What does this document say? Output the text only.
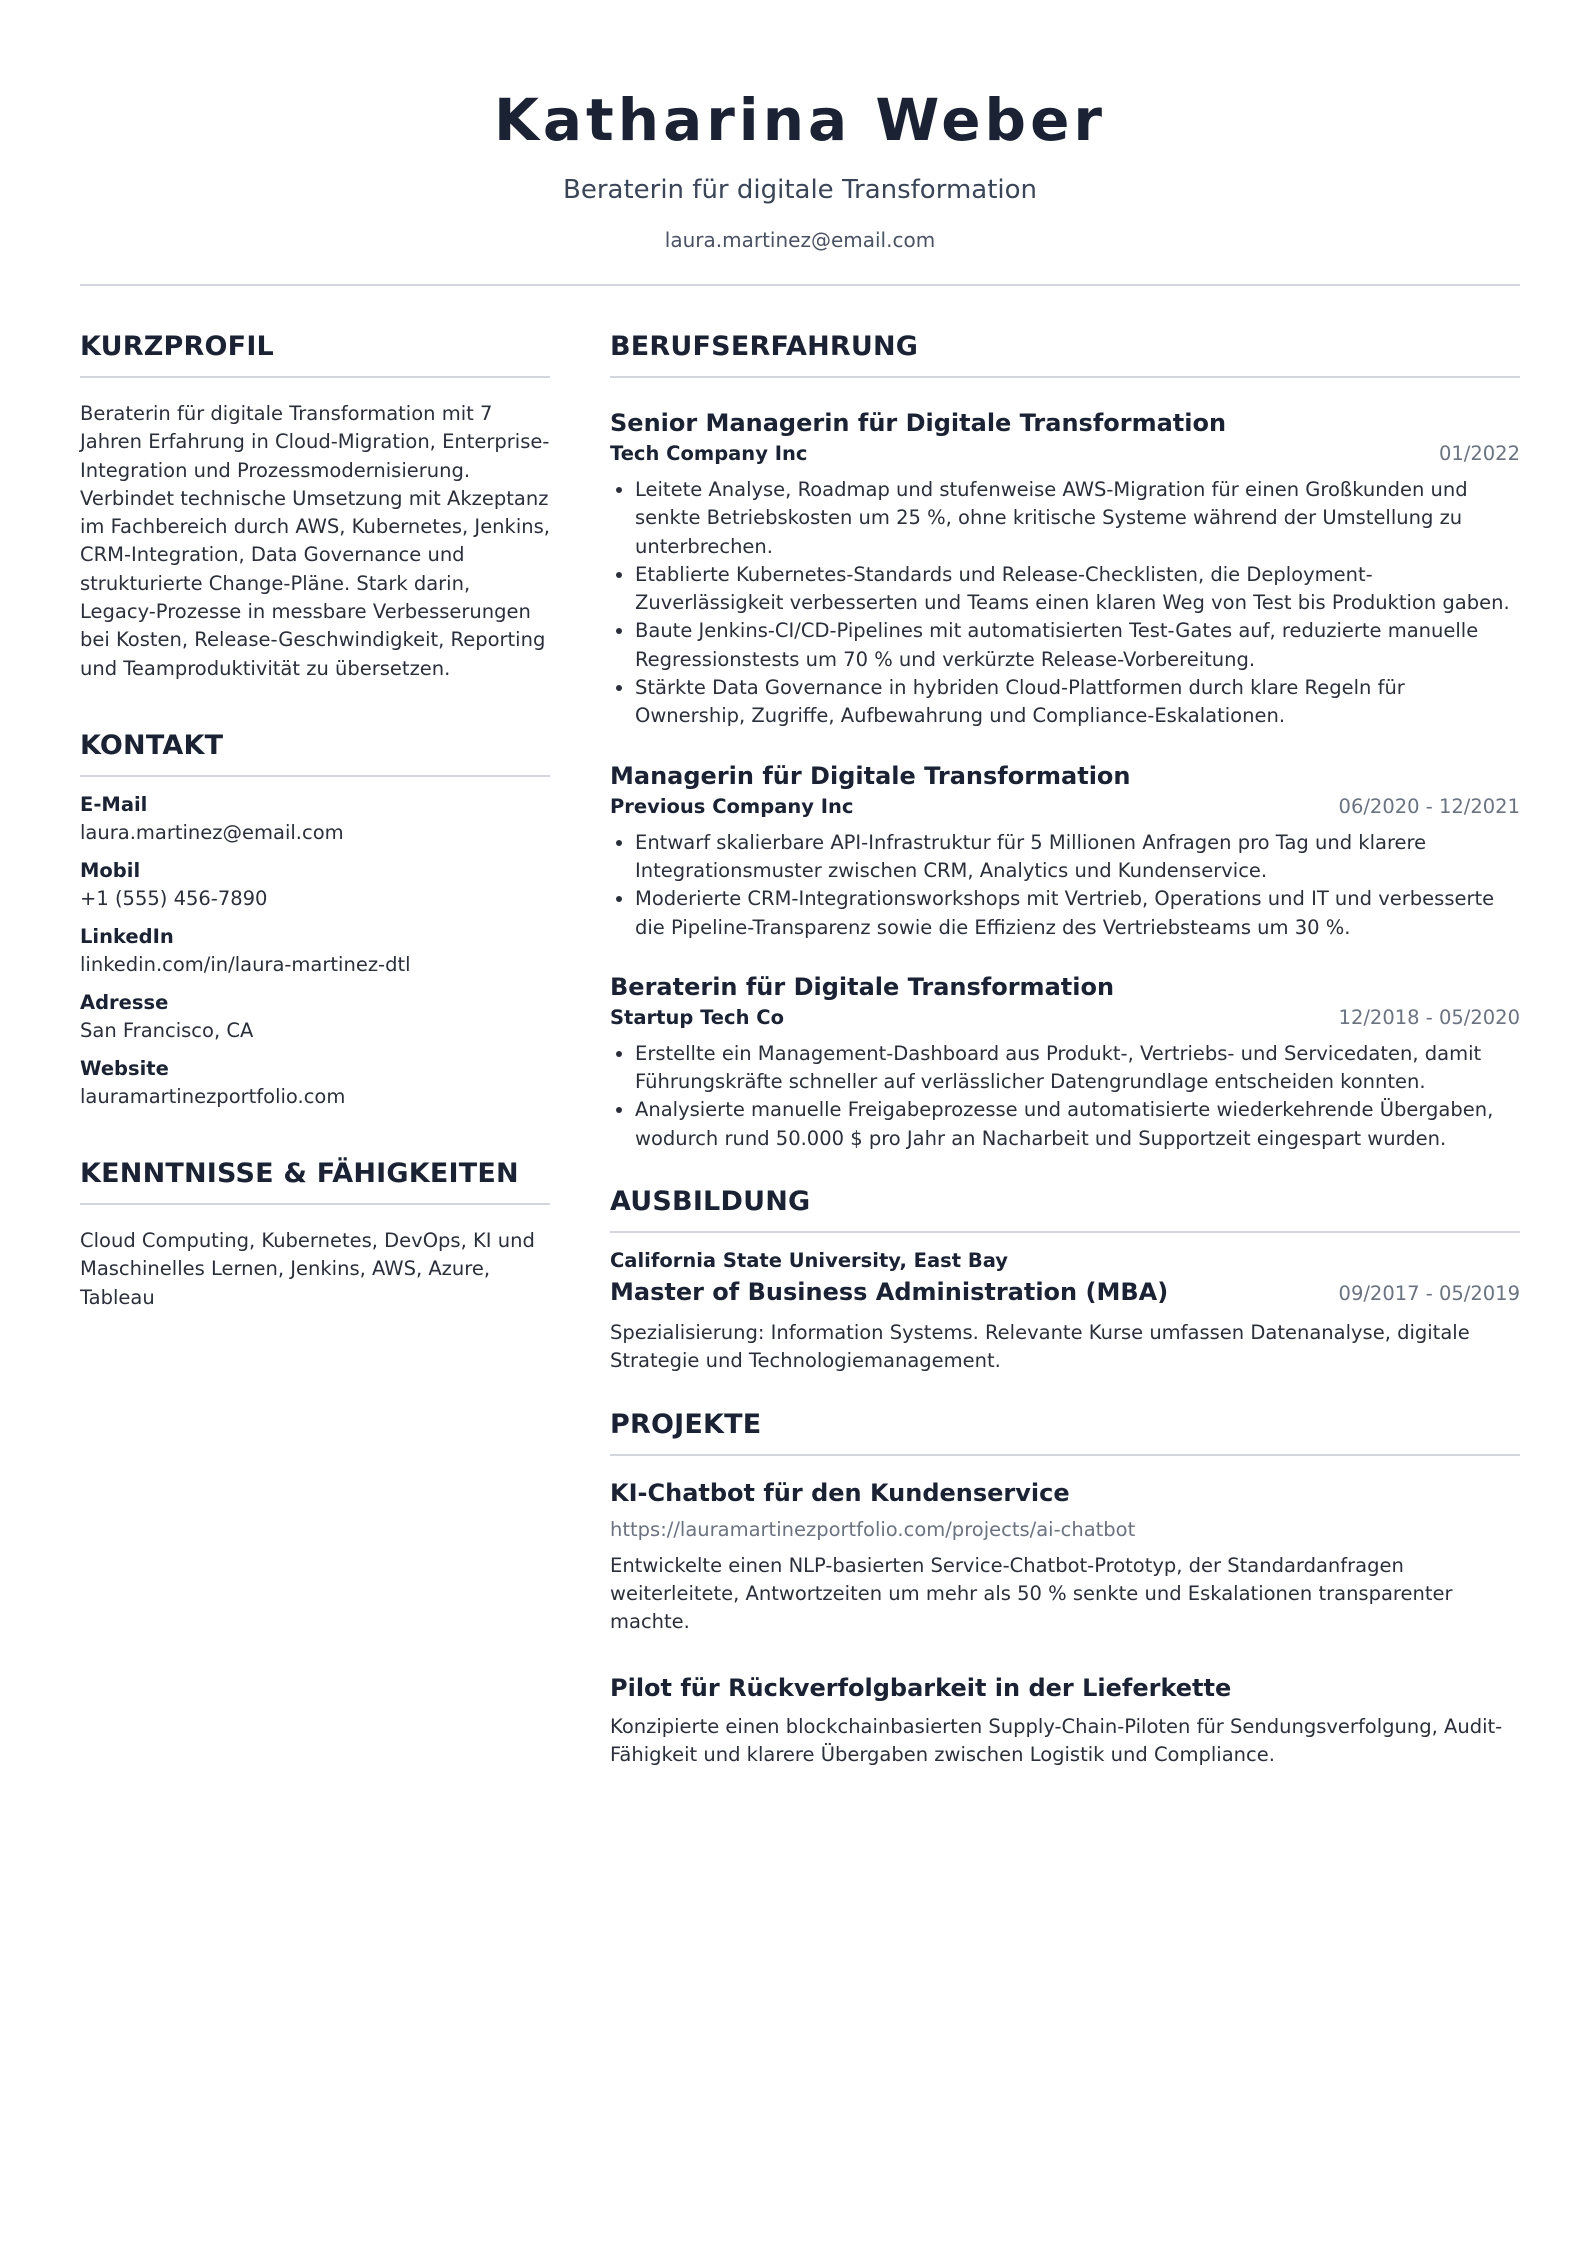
Katharina Weber
Beraterin für digitale Transformation
laura.martinez@email.com
KURZPROFIL
Beraterin für digitale Transformation mit 7 Jahren Erfahrung in Cloud-Migration, Enterprise-Integration und Prozessmodernisierung. Verbindet technische Umsetzung mit Akzeptanz im Fachbereich durch AWS, Kubernetes, Jenkins, CRM-Integration, Data Governance und strukturierte Change-Pläne. Stark darin, Legacy-Prozesse in messbare Verbesserungen bei Kosten, Release-Geschwindigkeit, Reporting und Teamproduktivität zu übersetzen.
KONTAKT
E-Mail
laura.martinez@email.com
Mobil
+1 (555) 456-7890
LinkedIn
linkedin.com/in/laura-martinez-dtl
Adresse
San Francisco, CA
Website
lauramartinezportfolio.com
KENNTNISSE & FÄHIGKEITEN
Cloud Computing, Kubernetes, DevOps, KI und Maschinelles Lernen, Jenkins, AWS, Azure, Tableau
BERUFSERFAHRUNG
Senior Managerin für Digitale Transformation
Tech Company Inc	01/2022
• Leitete Analyse, Roadmap und stufenweise AWS-Migration für einen Großkunden und senkte Betriebskosten um 25 %, ohne kritische Systeme während der Umstellung zu unterbrechen.
• Etablierte Kubernetes-Standards und Release-Checklisten, die Deployment-Zuverlässigkeit verbesserten und Teams einen klaren Weg von Test bis Produktion gaben.
• Baute Jenkins-CI/CD-Pipelines mit automatisierten Test-Gates auf, reduzierte manuelle Regressionstests um 70 % und verkürzte Release-Vorbereitung.
• Stärkte Data Governance in hybriden Cloud-Plattformen durch klare Regeln für Ownership, Zugriffe, Aufbewahrung und Compliance-Eskalationen.
Managerin für Digitale Transformation
Previous Company Inc	06/2020 - 12/2021
• Entwarf skalierbare API-Infrastruktur für 5 Millionen Anfragen pro Tag und klarere Integrationsmuster zwischen CRM, Analytics und Kundenservice.
• Moderierte CRM-Integrationsworkshops mit Vertrieb, Operations und IT und verbesserte die Pipeline-Transparenz sowie die Effizienz des Vertriebsteams um 30 %.
Beraterin für Digitale Transformation
Startup Tech Co	12/2018 - 05/2020
• Erstellte ein Management-Dashboard aus Produkt-, Vertriebs- und Servicedaten, damit Führungskräfte schneller auf verlässlicher Datengrundlage entscheiden konnten.
• Analysierte manuelle Freigabeprozesse und automatisierte wiederkehrende Übergaben, wodurch rund 50.000 $ pro Jahr an Nacharbeit und Supportzeit eingespart wurden.
AUSBILDUNG
California State University, East Bay
Master of Business Administration (MBA)	09/2017 - 05/2019
Spezialisierung: Information Systems. Relevante Kurse umfassen Datenanalyse, digitale Strategie und Technologiemanagement.
PROJEKTE
KI-Chatbot für den Kundenservice
https://lauramartinezportfolio.com/projects/ai-chatbot
Entwickelte einen NLP-basierten Service-Chatbot-Prototyp, der Standardanfragen weiterleitete, Antwortzeiten um mehr als 50 % senkte und Eskalationen transparenter machte.
Pilot für Rückverfolgbarkeit in der Lieferkette
Konzipierte einen blockchainbasierten Supply-Chain-Piloten für Sendungsverfolgung, Audit-Fähigkeit und klarere Übergaben zwischen Logistik und Compliance.
